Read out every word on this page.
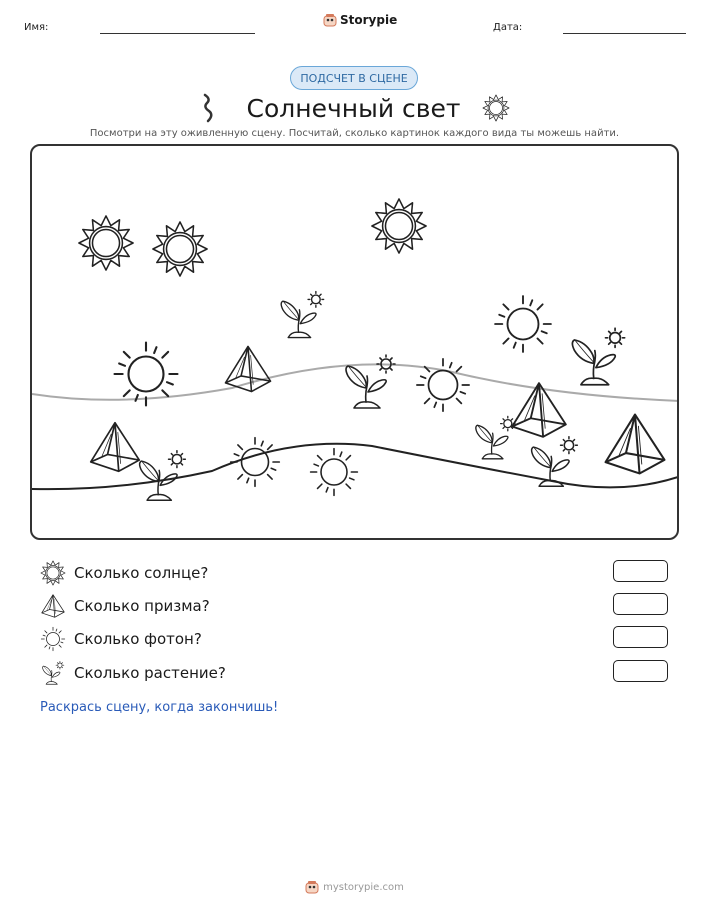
Имя:
Storypie
Дата:
ПОДСЧЕТ В СЦЕНЕ
Солнечный свет
Посмотри на эту оживленную сцену. Посчитай, сколько картинок каждого вида ты можешь найти.
Сколько солнце?
Сколько призма?
Сколько фотон?
Сколько растение?
Раскрась сцену, когда закончишь!
mystorypie.com
